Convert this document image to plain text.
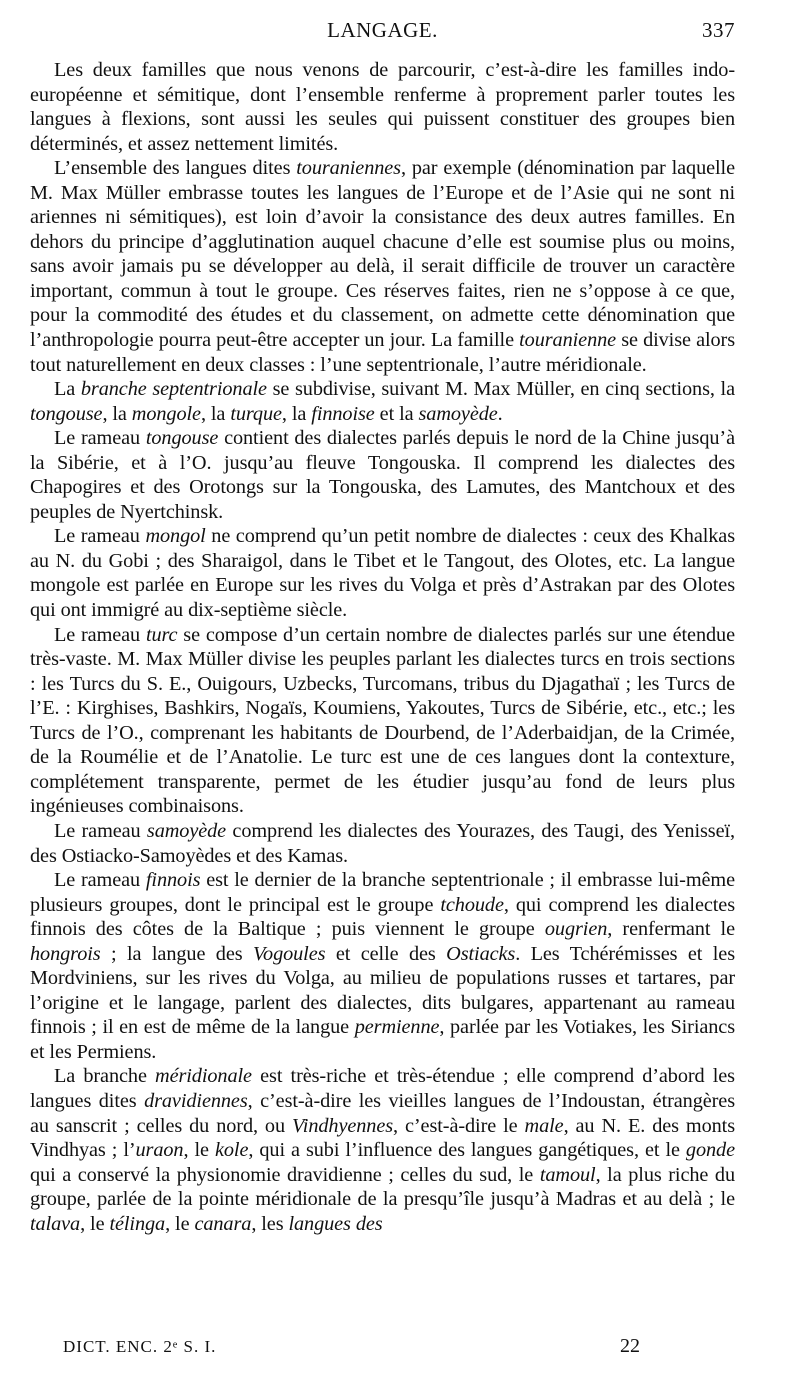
LANGAGE.	337

Les deux familles que nous venons de parcourir, c’est-à-dire les familles indo-européenne et sémitique, dont l’ensemble renferme à proprement parler toutes les langues à flexions, sont aussi les seules qui puissent constituer des groupes bien déterminés, et assez nettement limités.

L’ensemble des langues dites touraniennes, par exemple (dénomination par laquelle M. Max Müller embrasse toutes les langues de l’Europe et de l’Asie qui ne sont ni ariennes ni sémitiques), est loin d’avoir la consistance des deux autres familles. En dehors du principe d’agglutination auquel chacune d’elle est soumise plus ou moins, sans avoir jamais pu se développer au delà, il serait difficile de trouver un caractère important, commun à tout le groupe. Ces réserves faites, rien ne s’oppose à ce que, pour la commodité des études et du classement, on admette cette dénomination que l’anthropologie pourra peut-être accepter un jour. La famille touranienne se divise alors tout naturellement en deux classes : l’une septentrionale, l’autre méridionale.

La branche septentrionale se subdivise, suivant M. Max Müller, en cinq sections, la tongouse, la mongole, la turque, la finnoise et la samoyède.

Le rameau tongouse contient des dialectes parlés depuis le nord de la Chine jusqu’à la Sibérie, et à l’O. jusqu’au fleuve Tongouska. Il comprend les dialectes des Chapogires et des Orotongs sur la Tongouska, des Lamutes, des Mantchoux et des peuples de Nyertchinsk.

Le rameau mongol ne comprend qu’un petit nombre de dialectes : ceux des Khalkas au N. du Gobi ; des Sharaigol, dans le Tibet et le Tangout, des Olotes, etc. La langue mongole est parlée en Europe sur les rives du Volga et près d’Astrakan par des Olotes qui ont immigré au dix-septième siècle.

Le rameau turc se compose d’un certain nombre de dialectes parlés sur une étendue très-vaste. M. Max Müller divise les peuples parlant les dialectes turcs en trois sections : les Turcs du S. E., Ouigours, Uzbecks, Turcomans, tribus du Djagathaï ; les Turcs de l’E. : Kirghises, Bashkirs, Nogaïs, Koumiens, Yakoutes, Turcs de Sibérie, etc., etc.; les Turcs de l’O., comprenant les habitants de Dourbend, de l’Aderbaidjan, de la Crimée, de la Roumélie et de l’Anatolie. Le turc est une de ces langues dont la contexture, complétement transparente, permet de les étudier jusqu’au fond de leurs plus ingénieuses combinaisons.

Le rameau samoyède comprend les dialectes des Yourazes, des Taugi, des Yenisseï, des Ostiacko-Samoyèdes et des Kamas.

Le rameau finnois est le dernier de la branche septentrionale ; il embrasse lui-même plusieurs groupes, dont le principal est le groupe tchoude, qui comprend les dialectes finnois des côtes de la Baltique ; puis viennent le groupe ougrien, renfermant le hongrois ; la langue des Vogoules et celle des Ostiacks. Les Tchérémisses et les Mordviniens, sur les rives du Volga, au milieu de populations russes et tartares, par l’origine et le langage, parlent des dialectes, dits bulgares, appartenant au rameau finnois ; il en est de même de la langue permienne, parlée par les Votiakes, les Siriancs et les Permiens.

La branche méridionale est très-riche et très-étendue ; elle comprend d’abord les langues dites dravidiennes, c’est-à-dire les vieilles langues de l’Indoustan, étrangères au sanscrit ; celles du nord, ou Vindhyennes, c’est-à-dire le male, au N. E. des monts Vindhyas ; l’uraon, le kole, qui a subi l’influence des langues gangétiques, et le gonde qui a conservé la physionomie dravidienne ; celles du sud, le tamoul, la plus riche du groupe, parlée de la pointe méridionale de la presqu’île jusqu’à Madras et au delà ; le talava, le télinga, le canara, les langues des

DICT. ENC. 2ᵉ S. I.	22
